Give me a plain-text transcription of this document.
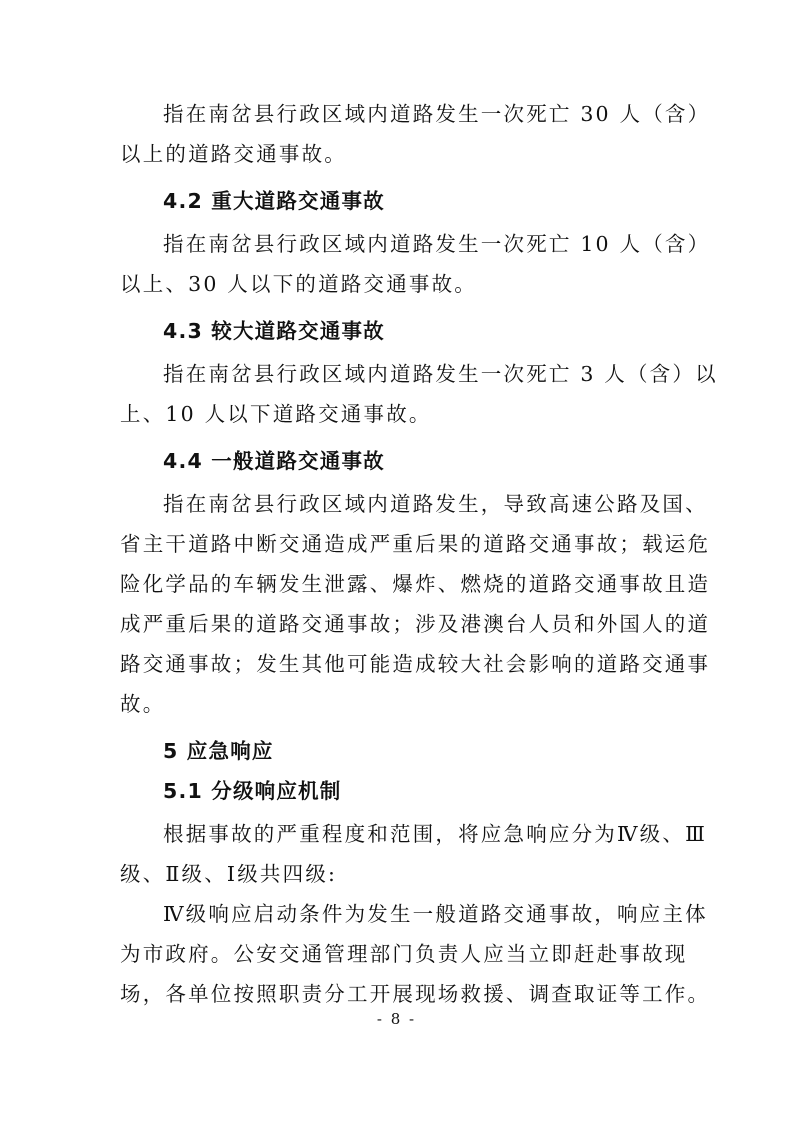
指在南岔县行政区域内道路发生一次死亡 30 人（含）
以上的道路交通事故。
4.2 重大道路交通事故
指在南岔县行政区域内道路发生一次死亡 10 人（含）
以上、30 人以下的道路交通事故。
4.3 较大道路交通事故
指在南岔县行政区域内道路发生一次死亡 3 人（含）以
上、10 人以下道路交通事故。
4.4 一般道路交通事故
指在南岔县行政区域内道路发生，导致高速公路及国、
省主干道路中断交通造成严重后果的道路交通事故；载运危
险化学品的车辆发生泄露、爆炸、燃烧的道路交通事故且造
成严重后果的道路交通事故；涉及港澳台人员和外国人的道
路交通事故；发生其他可能造成较大社会影响的道路交通事
故。
5 应急响应
5.1 分级响应机制
根据事故的严重程度和范围，将应急响应分为Ⅳ级、Ⅲ
级、Ⅱ级、Ⅰ级共四级:
Ⅳ级响应启动条件为发生一般道路交通事故，响应主体
为市政府。公安交通管理部门负责人应当立即赶赴事故现
场，各单位按照职责分工开展现场救援、调查取证等工作。
- 8 -
